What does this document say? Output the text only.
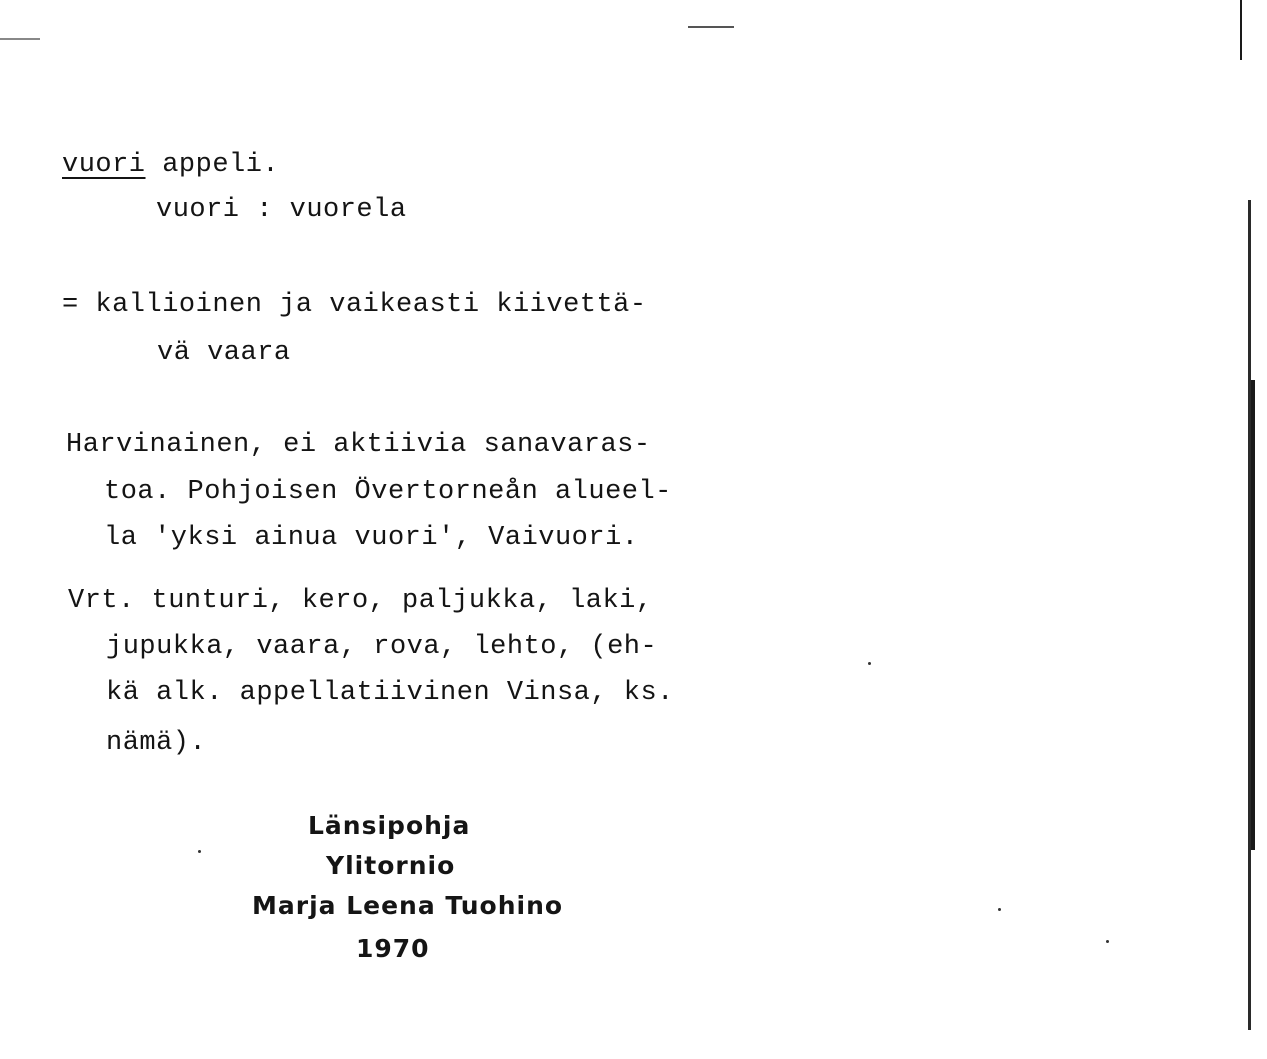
vuori appeli.
vuori : vuorela
= kallioinen ja vaikeasti kiivettä-
vä vaara
Harvinainen, ei aktiivia sanavaras-
toa. Pohjoisen Övertorneån alueel-
la 'yksi ainua vuori', Vaivuori.
Vrt. tunturi, kero, paljukka, laki,
jupukka, vaara, rova, lehto, (eh-
kä alk. appellatiivinen Vinsa, ks.
nämä).
Länsipohja
Ylitornio
Marja Leena Tuohino
1970
